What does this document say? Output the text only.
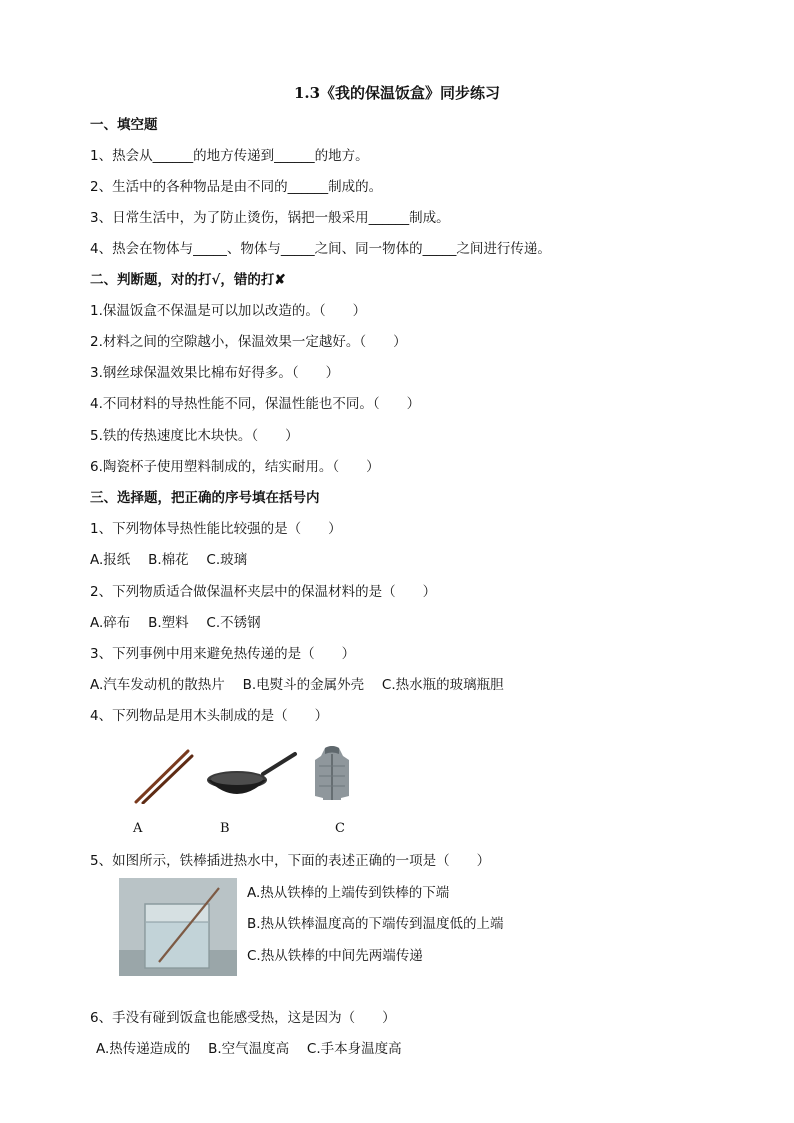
1.3《我的保温饭盒》同步练习
一、填空题
1、热会从______的地方传递到______的地方。
2、生活中的各种物品是由不同的______制成的。
3、日常生活中，为了防止烫伤，锅把一般采用______制成。
4、热会在物体与_____、物体与_____之间、同一物体的_____之间进行传递。
二、判断题，对的打√，错的打✘
1.保温饭盒不保温是可以加以改造的。（　　）
2.材料之间的空隙越小，保温效果一定越好。（　　）
3.钢丝球保温效果比棉布好得多。（　　）
4.不同材料的导热性能不同，保温性能也不同。（　　）
5.铁的传热速度比木块快。（　　）
6.陶瓷杯子使用塑料制成的，结实耐用。（　　）
三、选择题，把正确的序号填在括号内
1、下列物体导热性能比较强的是（　　）
A.报纸　 B.棉花　 C.玻璃
2、下列物质适合做保温杯夹层中的保温材料的是（　　）
A.碎布　 B.塑料　 C.不锈钢
3、下列事例中用来避免热传递的是（　　）
A.汽车发动机的散热片　 B.电熨斗的金属外壳　 C.热水瓶的玻璃瓶胆
4、下列物品是用木头制成的是（　　）
A	B	C
5、如图所示，铁棒插进热水中，下面的表述正确的一项是（　　）
A.热从铁棒的上端传到铁棒的下端
B.热从铁棒温度高的下端传到温度低的上端
C.热从铁棒的中间先两端传递
6、手没有碰到饭盒也能感受热，这是因为（　　）
A.热传递造成的　 B.空气温度高　 C.手本身温度高
